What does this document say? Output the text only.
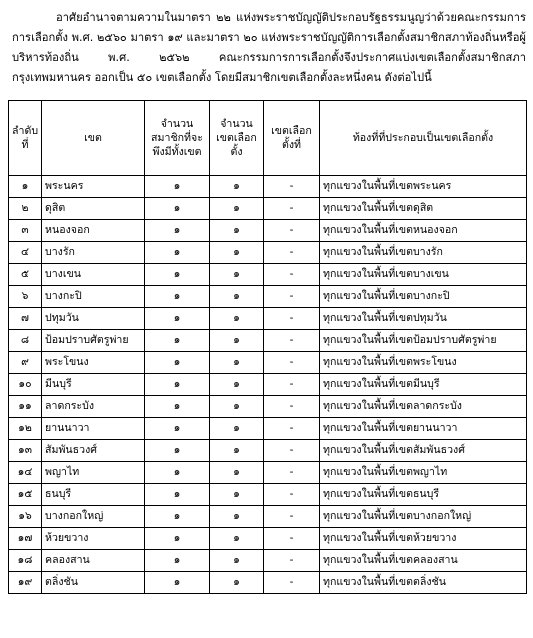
อาศัยอำนาจตามความในมาตรา ๒๒ แห่งพระราชบัญญัติประกอบรัฐธรรมนูญว่าด้วยคณะกรรมการการเลือกตั้ง พ.ศ. ๒๕๖๐ มาตรา ๑๙ และมาตรา ๒๐ แห่งพระราชบัญญัติการเลือกตั้งสมาชิกสภาท้องถิ่นหรือผู้บริหารท้องถิ่น พ.ศ. ๒๕๖๒ คณะกรรมการการเลือกตั้งจึงประกาศแบ่งเขตเลือกตั้งสมาชิกสภากรุงเทพมหานคร ออกเป็น ๕๐ เขตเลือกตั้ง โดยมีสมาชิกเขตเลือกตั้งละหนึ่งคน ดังต่อไปนี้
ลำดับที่	เขต	จำนวนสมาชิกที่จะพึงมีทั้งเขต	จำนวนเขตเลือกตั้ง	เขตเลือกตั้งที่	ท้องที่ที่ประกอบเป็นเขตเลือกตั้ง
๑	พระนคร	๑	๑	-	ทุกแขวงในพื้นที่เขตพระนคร
๒	ดุสิต	๑	๑	-	ทุกแขวงในพื้นที่เขตดุสิต
๓	หนองจอก	๑	๑	-	ทุกแขวงในพื้นที่เขตหนองจอก
๔	บางรัก	๑	๑	-	ทุกแขวงในพื้นที่เขตบางรัก
๕	บางเขน	๑	๑	-	ทุกแขวงในพื้นที่เขตบางเขน
๖	บางกะปิ	๑	๑	-	ทุกแขวงในพื้นที่เขตบางกะปิ
๗	ปทุมวัน	๑	๑	-	ทุกแขวงในพื้นที่เขตปทุมวัน
๘	ป้อมปราบศัตรูพ่าย	๑	๑	-	ทุกแขวงในพื้นที่เขตป้อมปราบศัตรูพ่าย
๙	พระโขนง	๑	๑	-	ทุกแขวงในพื้นที่เขตพระโขนง
๑๐	มีนบุรี	๑	๑	-	ทุกแขวงในพื้นที่เขตมีนบุรี
๑๑	ลาดกระบัง	๑	๑	-	ทุกแขวงในพื้นที่เขตลาดกระบัง
๑๒	ยานนาวา	๑	๑	-	ทุกแขวงในพื้นที่เขตยานนาวา
๑๓	สัมพันธวงศ์	๑	๑	-	ทุกแขวงในพื้นที่เขตสัมพันธวงศ์
๑๔	พญาไท	๑	๑	-	ทุกแขวงในพื้นที่เขตพญาไท
๑๕	ธนบุรี	๑	๑	-	ทุกแขวงในพื้นที่เขตธนบุรี
๑๖	บางกอกใหญ่	๑	๑	-	ทุกแขวงในพื้นที่เขตบางกอกใหญ่
๑๗	ห้วยขวาง	๑	๑	-	ทุกแขวงในพื้นที่เขตห้วยขวาง
๑๘	คลองสาน	๑	๑	-	ทุกแขวงในพื้นที่เขตคลองสาน
๑๙	ตลิ่งชัน	๑	๑	-	ทุกแขวงในพื้นที่เขตตลิ่งชัน
